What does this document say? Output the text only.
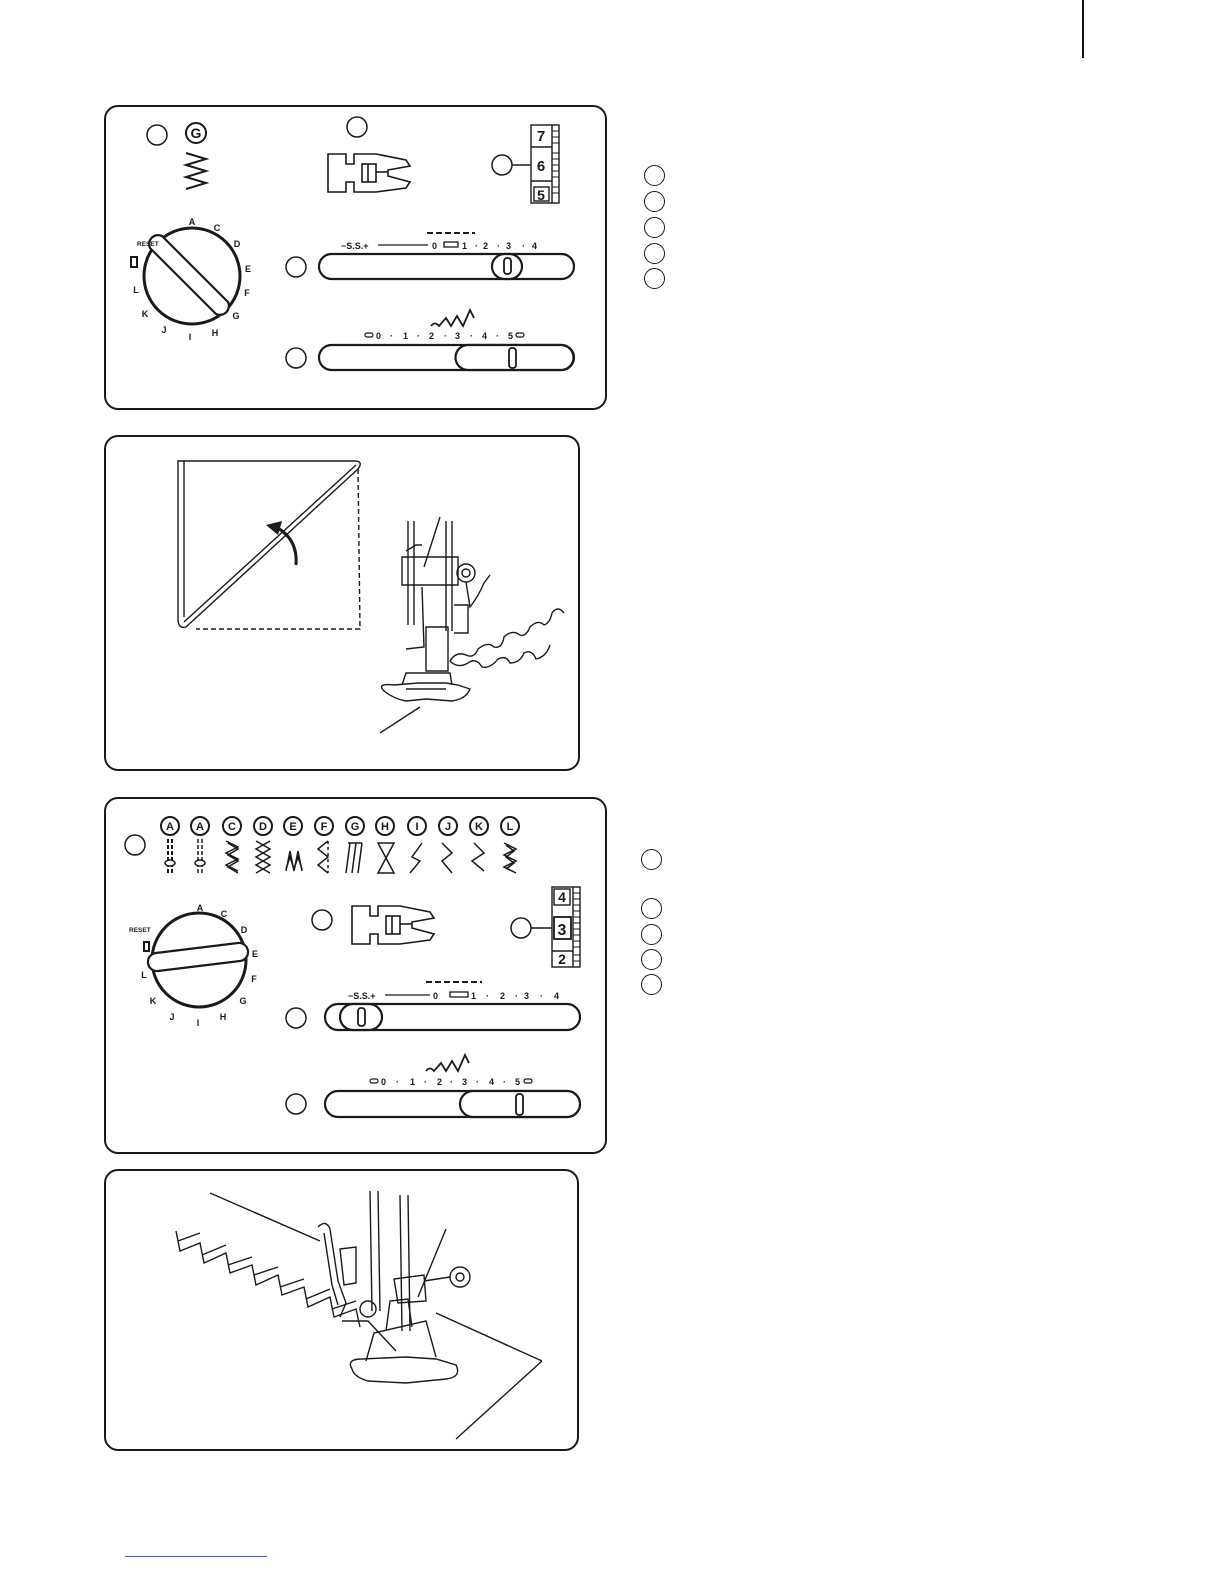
G	7
6
5
RESET
A
C
D
E
F
G
H
I
J
K
L
−S.S.+	0	1 · 2 · 3 · 4
0 · 1 · 2 · 3 · 4 · 5
A A C D E F G H I J K L
4
3
2
RESET
A
C
D
E
F
G
H
I
J
K
L
−S.S.+	0	1 · 2 · 3 · 4
0 · 1 · 2 · 3 · 4 · 5
